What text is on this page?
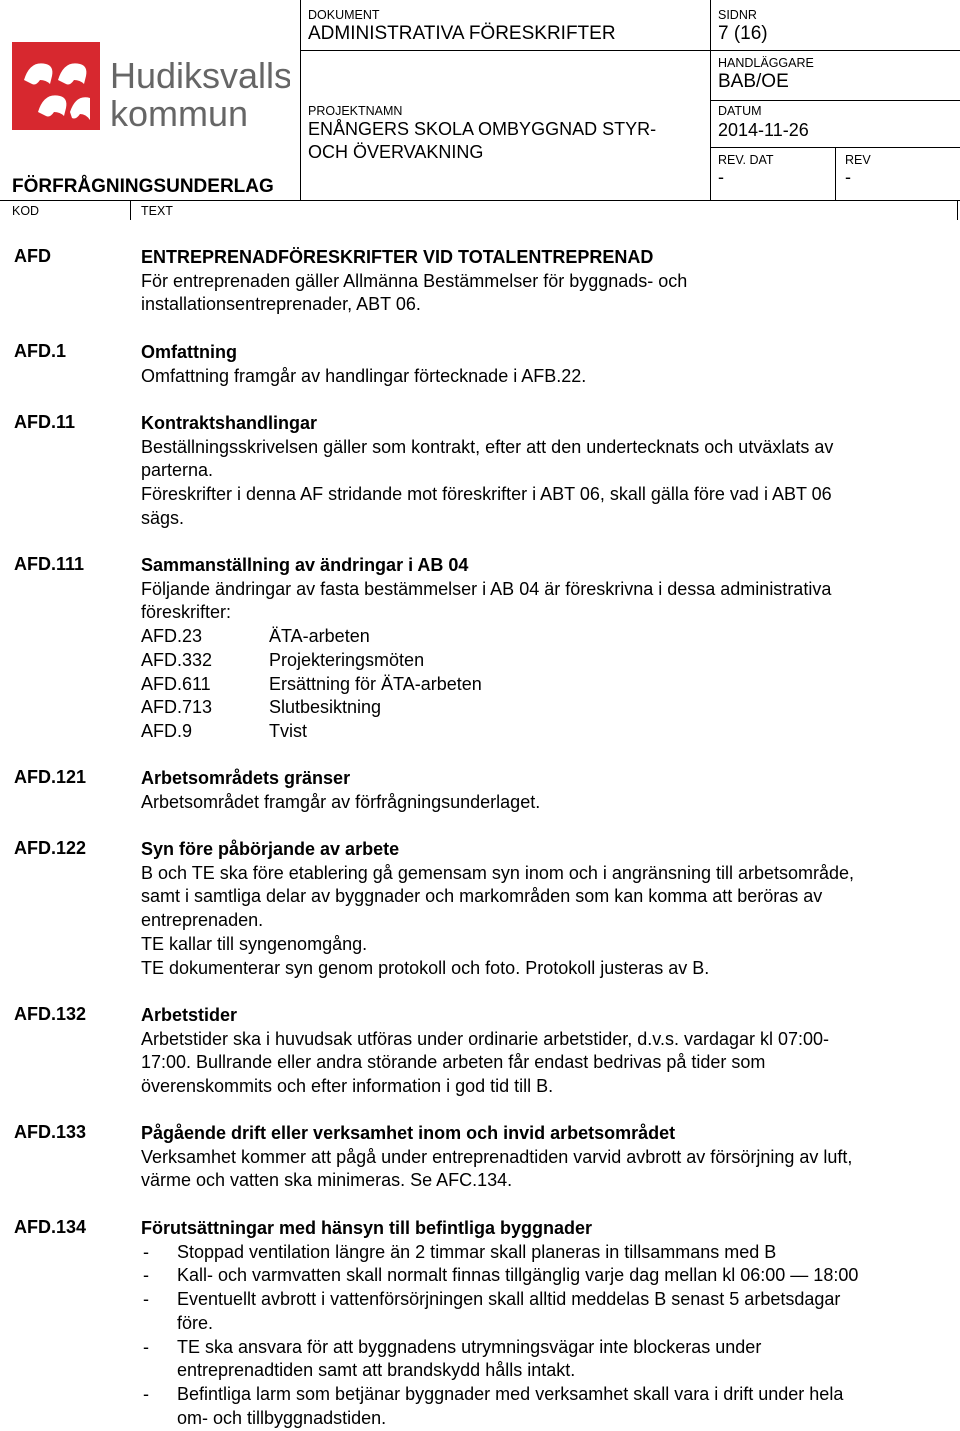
Hudiksvalls
kommun
FÖRFRÅGNINGSUNDERLAG
DOKUMENT
ADMINISTRATIVA FÖRESKRIFTER
PROJEKTNAMN
ENÅNGERS SKOLA OMBYGGNAD STYR-
OCH ÖVERVAKNING
SIDNR
7 (16)
HANDLÄGGARE
BAB/OE
DATUM
2014-11-26
REV. DAT
-
REV
-
KOD	TEXT
AFD	ENTREPRENADFÖRESKRIFTER VID TOTALENTREPRENAD

För entreprenaden gäller Allmänna Bestämmelser för byggnads- och

installationsentreprenader, ABT 06.

AFD.1	Omfattning

Omfattning framgår av handlingar förtecknade i AFB.22.

AFD.11	Kontraktshandlingar

Beställningsskrivelsen gäller som kontrakt, efter att den undertecknats och utväxlats av

parterna.

Föreskrifter i denna AF stridande mot föreskrifter i ABT 06, skall gälla före vad i ABT 06

sägs.

AFD.111	Sammanställning av ändringar i AB 04

Följande ändringar av fasta bestämmelser i AB 04 är föreskrivna i dessa administrativa

föreskrifter:

AFD.23	ÄTA-arbeten
AFD.332	Projekteringsmöten
AFD.611	Ersättning för ÄTA-arbeten
AFD.713	Slutbesiktning
AFD.9	Tvist
AFD.121	Arbetsområdets gränser

Arbetsområdet framgår av förfrågningsunderlaget.

AFD.122	Syn före påbörjande av arbete

B och TE ska före etablering gå gemensam syn inom och i angränsning till arbetsområde,

samt i samtliga delar av byggnader och markområden som kan komma att beröras av

entreprenaden.

TE kallar till syngenomgång.

TE dokumenterar syn genom protokoll och foto. Protokoll justeras av B.

AFD.132	Arbetstider

Arbetstider ska i huvudsak utföras under ordinarie arbetstider, d.v.s. vardagar kl 07:00-

17:00. Bullrande eller andra störande arbeten får endast bedrivas på tider som

överenskommits och efter information i god tid till B.

AFD.133	Pågående drift eller verksamhet inom och invid arbetsområdet

Verksamhet kommer att pågå under entreprenadtiden varvid avbrott av försörjning av luft,

värme och vatten ska minimeras. Se AFC.134.

AFD.134	Förutsättningar med hänsyn till befintliga byggnader

- Stoppad ventilation längre än 2 timmar skall planeras in tillsammans med B
- Kall- och varmvatten skall normalt finnas tillgänglig varje dag mellan kl 06:00 — 18:00
- Eventuellt avbrott i vattenförsörjningen skall alltid meddelas B senast 5 arbetsdagar
före.
- TE ska ansvara för att byggnadens utrymningsvägar inte blockeras under
entreprenadtiden samt att brandskydd hålls intakt.
- Befintliga larm som betjänar byggnader med verksamhet skall vara i drift under hela
om- och tillbyggnadstiden.
